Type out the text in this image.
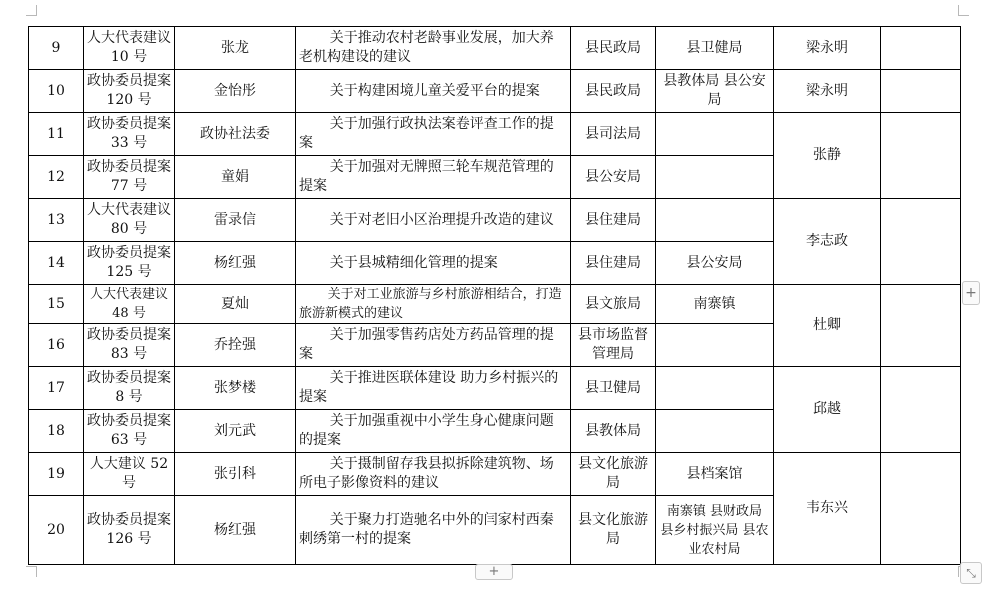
9	人大代表建议 10 号	张龙	关于推动农村老龄事业发展，加大养老机构建设的建议	县民政局	县卫健局	梁永明	
10	政协委员提案 120 号	金怡彤	关于构建困境儿童关爱平台的提案	县民政局	县教体局 县公安局	梁永明	
11	政协委员提案 33 号	政协社法委	关于加强行政执法案卷评查工作的提案	县司法局		张静	
12	政协委员提案 77 号	童娟	关于加强对无牌照三轮车规范管理的提案	县公安局			
13	人大代表建议 80 号	雷录信	关于对老旧小区治理提升改造的建议	县住建局		李志政	
14	政协委员提案 125 号	杨红强	关于县城精细化管理的提案	县住建局	县公安局		
15	人大代表建议 48 号	夏灿	关于对工业旅游与乡村旅游相结合，打造旅游新模式的建议	县文旅局	南寨镇	杜卿	
16	政协委员提案 83 号	乔拴强	关于加强零售药店处方药品管理的提案	县市场监督管理局			
17	政协委员提案 8 号	张梦楼	关于推进医联体建设 助力乡村振兴的提案	县卫健局		邱越	
18	政协委员提案 63 号	刘元武	关于加强重视中小学生身心健康问题的提案	县教体局			
19	人大建议 52 号	张引科	关于摄制留存我县拟拆除建筑物、场所电子影像资料的建议	县文化旅游局	县档案馆	韦东兴	
20	政协委员提案 126 号	杨红强	关于聚力打造驰名中外的闫家村西秦刺绣第一村的提案	县文化旅游局	南寨镇 县财政局 县乡村振兴局 县农业农村局		
+
+	⤡
